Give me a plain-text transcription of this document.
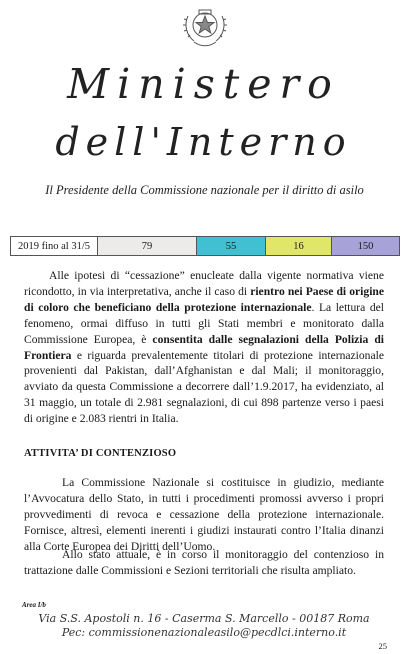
Ministero
dell'Interno
Il Presidente della Commissione nazionale per il diritto di asilo
2019 fino al 31/5	79	55	16	150
Alle ipotesi di “cessazione” enucleate dalla vigente normativa viene ricondotto, in via interpretativa, anche il caso di rientro nei Paese di origine di coloro che beneficiano della protezione internazionale. La lettura del fenomeno, ormai diffuso in tutti gli Stati membri e monitorato dalla Commissione Europea, è consentita dalle segnalazioni della Polizia di Frontiera e riguarda prevalentemente titolari di protezione internazionale provenienti dal Pakistan, dall’Afghanistan e dal Mali; il monitoraggio, avviato da questa Commissione a decorrere dall’1.9.2017, ha evidenziato, al 31 maggio, un totale di 2.981 segnalazioni, di cui 898 partenze verso i paesi di origine e 2.083 rientri in Italia.
ATTIVITA’ DI CONTENZIOSO
La Commissione Nazionale si costituisce in giudizio, mediante l’Avvocatura dello Stato, in tutti i procedimenti promossi avverso i propri provvedimenti di revoca e cessazione della protezione internazionale. Fornisce, altresì, elementi inerenti i giudizi instaurati contro l’Italia dinanzi alla Corte Europea dei Diritti dell’Uomo.
Allo stato attuale, è in corso il monitoraggio del contenzioso in trattazione dalle Commissioni e Sezioni territoriali che risulta ampliato.
Area I/b
Via S.S. Apostoli n. 16 - Caserma S. Marcello - 00187 Roma
Pec: commissionenazionaleasilo@pecdlci.interno.it
25
